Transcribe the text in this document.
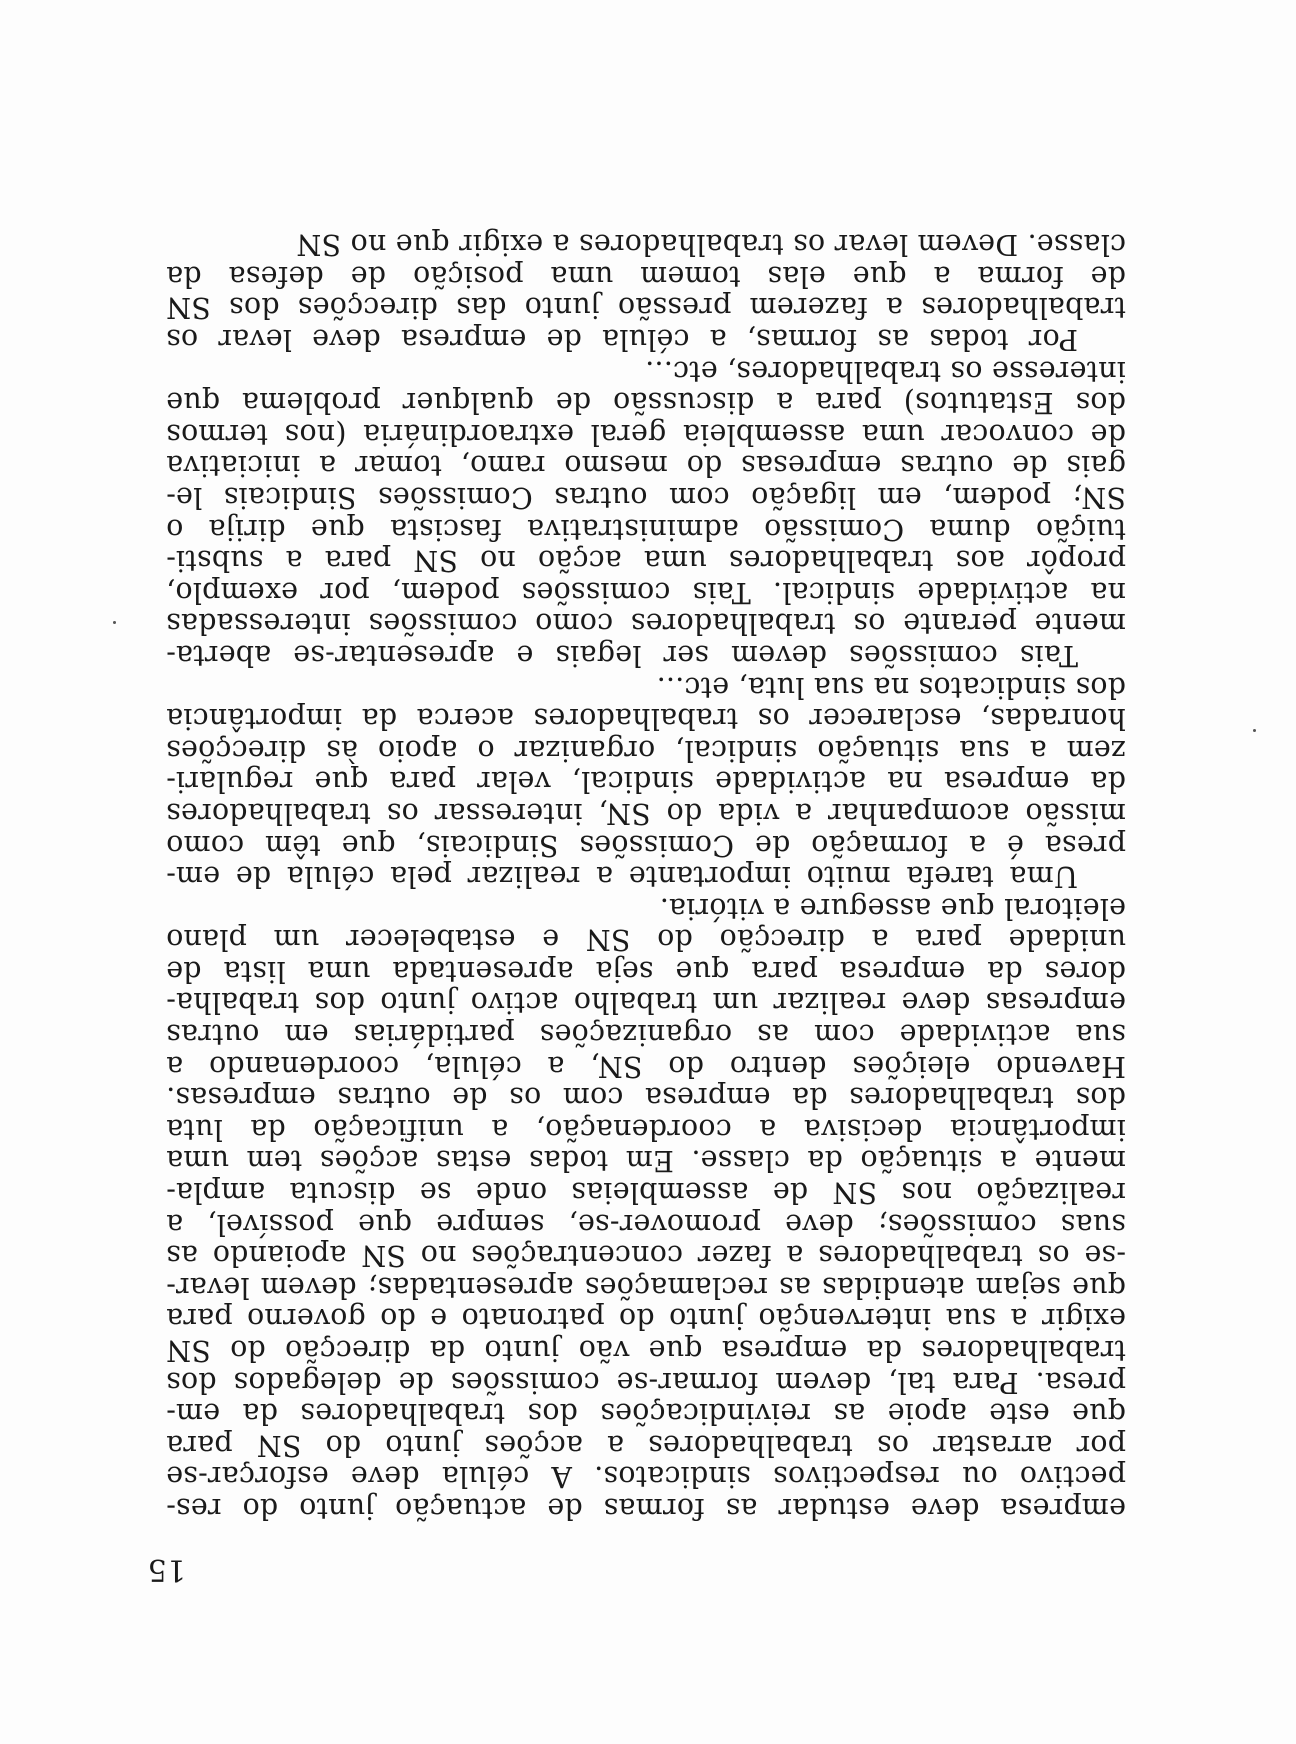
15
empresa deve estudar as formas de actuação junto do res-
pectivo ou respectivos sindicatos. A célula deve esforçar-se
por arrastar os trabalhadores a acções junto do SN para
que este apoie as reivindicações dos trabalhadores da em-
presa. Para tal, devem formar-se comissões de delegados dos
trabalhadores da empresa que vão junto da direcção do SN
exigir a sua intervenção junto do patronato e do governo para
que sejam atendidas as reclamações apresentadas; devem levar-
-se os trabalhadores a fazer concentrações no SN apoiando as
suas comissões; deve promover-se, sempre que possível, a
realização nos SN de assembleias onde se discuta ampla-
mente a situação da classe. Em todas estas acções tem uma
importância decisiva a coordenação, a unificação da luta
dos trabalhadores da empresa com os de outras empresas.
Havendo eleições dentro do SN, a célula, coordenando a
sua actividade com as organizações partidárias em outras
empresas deve realizar um trabalho activo junto dos trabalha-
dores da empresa para que seja apresentada uma lista de
unidade para a direcção do SN e estabelecer um plano
eleitoral que assegure a vitória.
Uma tarefa muito importante a realizar pela célula de em-
presa é a formação de Comissões Sindicais, que têm como
missão acompanhar a vida do SN, interessar os trabalhadores
da empresa na actividade sindical, velar para que regulari-
zem a sua situação sindical, organizar o apoio às direcções
honradas, esclarecer os trabalhadores acerca da importância
dos sindicatos na sua luta, etc...
Tais comissões devem ser legais e apresentar-se aberta-
mente perante os trabalhadores como comissões interessadas
na actividade sindical. Tais comissões podem, por exemplo,
propôr aos trabalhadores uma acção no SN para a substi-
tuição duma Comissão administrativa fascista que dirija o
SN; podem, em ligação com outras Comissões Sindicais le-
gais de outras empresas do mesmo ramo, tomar a iniciativa
de convocar uma assembleia geral extraordinária (nos termos
dos Estatutos) para a discussão de qualquer problema que
interesse os trabalhadores, etc...
Por todas as formas, a célula de empresa deve levar os
trabalhadores a fazerem pressão junto das direcções dos SN
de forma a que elas tomem uma posição de defesa da
classe. Devem levar os trabalhadores a exigir que no SN
